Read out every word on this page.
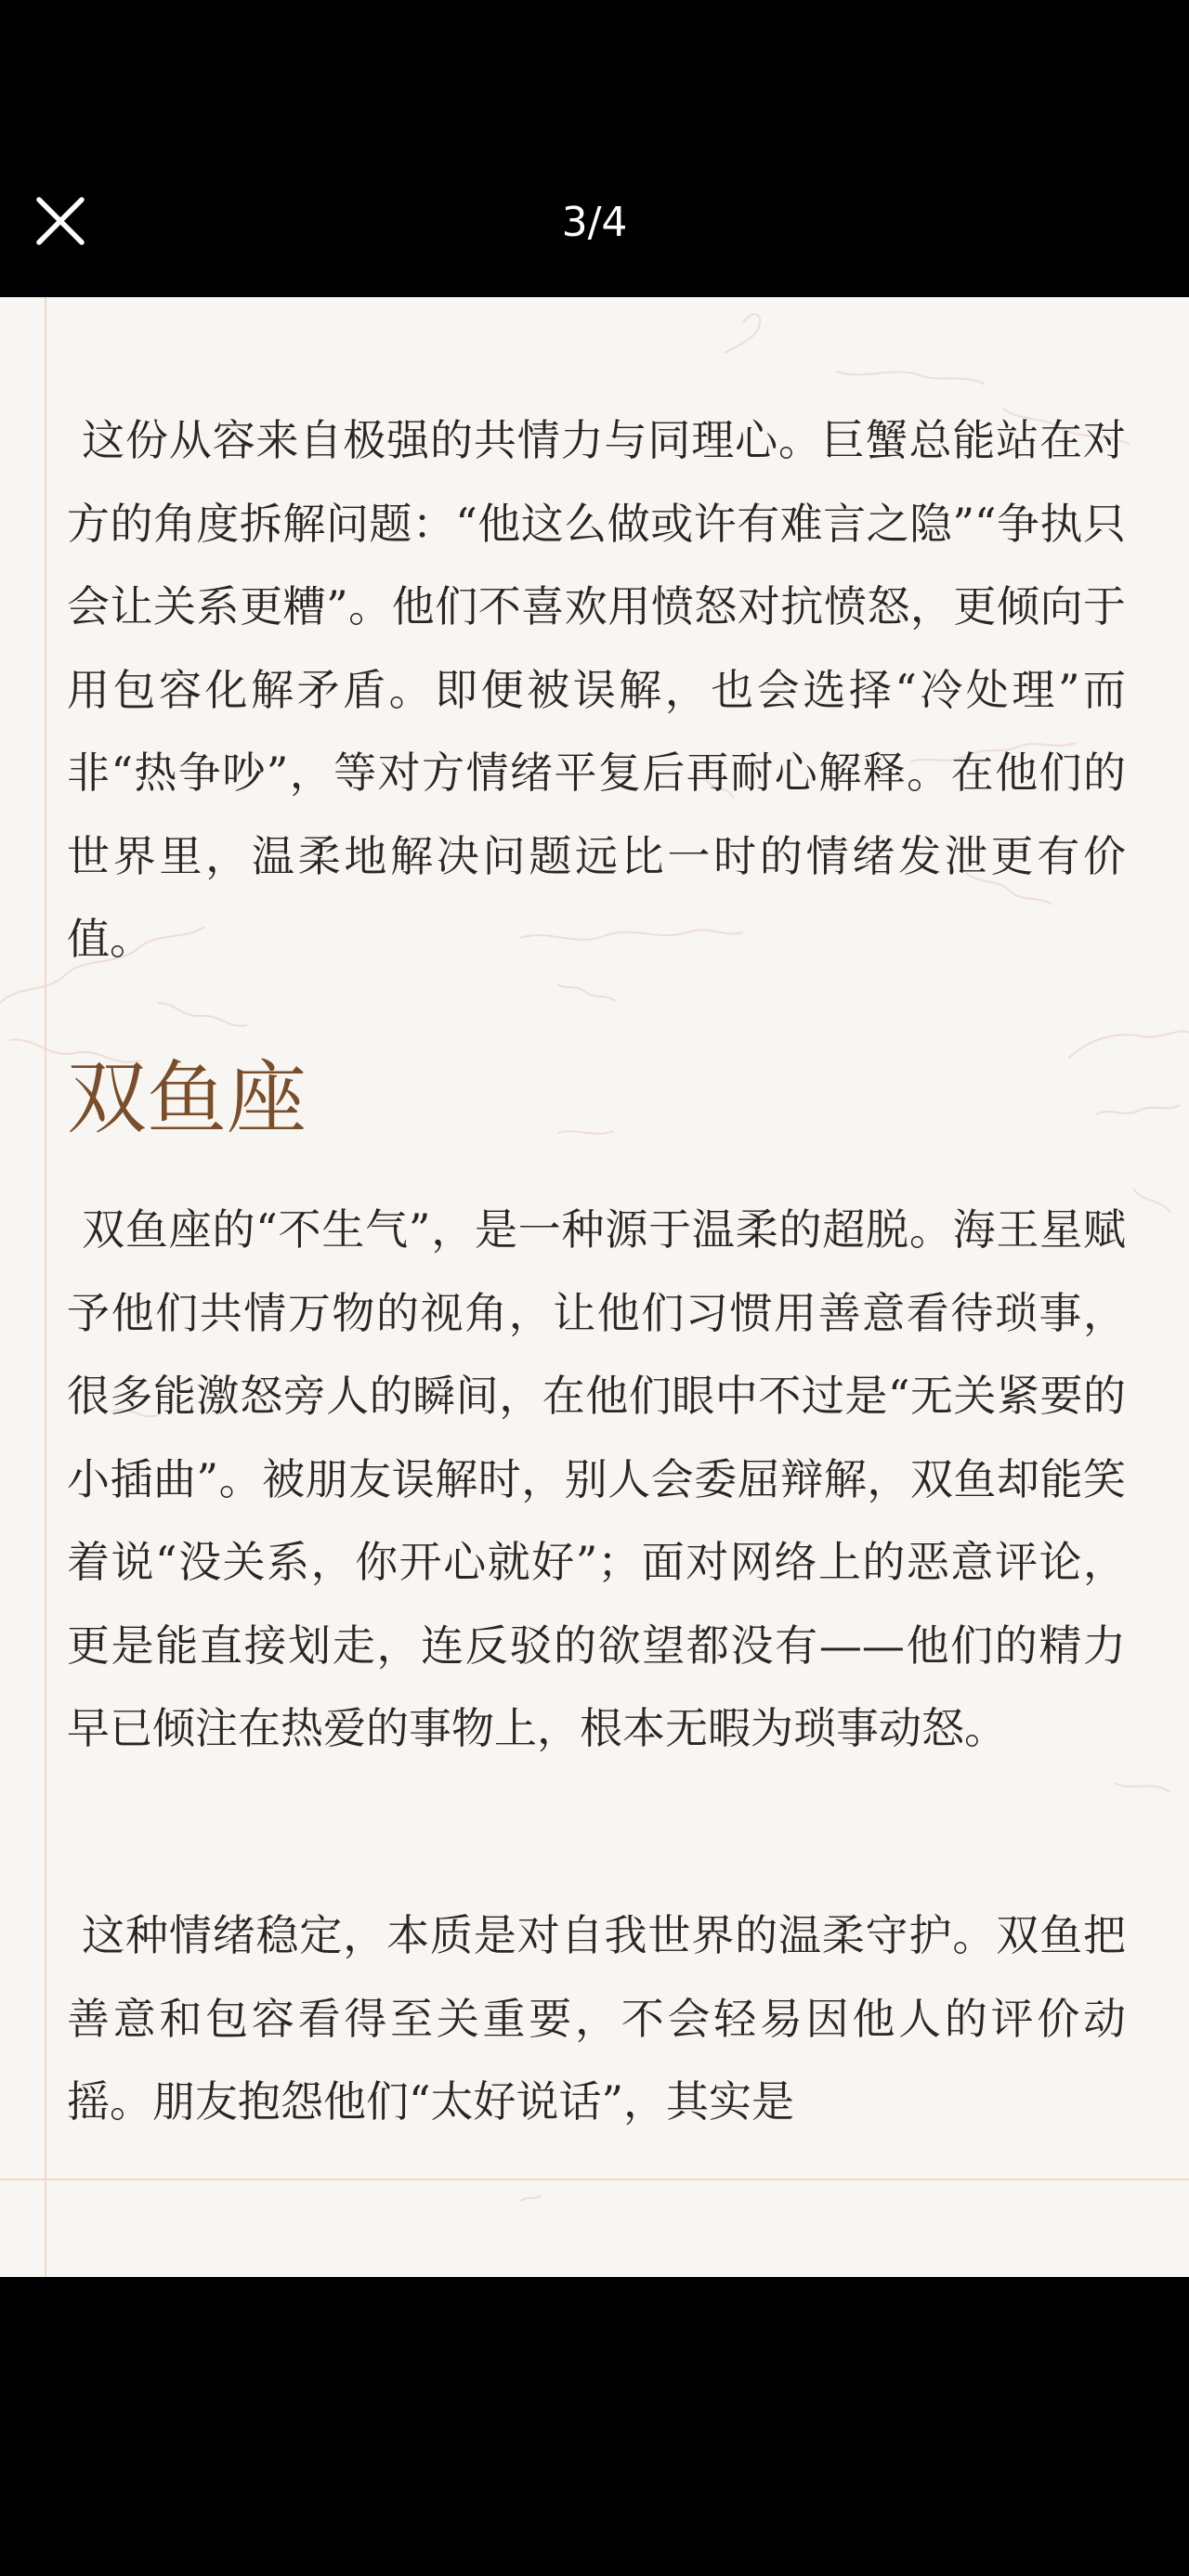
3/4

这份从容来自极强的共情力与同理心。巨蟹总能站在对方的角度拆解问题：“他这么做或许有难言之隐”“争执只会让关系更糟”。他们不喜欢用愤怒对抗愤怒，更倾向于用包容化解矛盾。即便被误解，也会选择“冷处理”而非“热争吵”，等对方情绪平复后再耐心解释。在他们的世界里，温柔地解决问题远比一时的情绪发泄更有价值。

双鱼座

双鱼座的“不生气”，是一种源于温柔的超脱。海王星赋予他们共情万物的视角，让他们习惯用善意看待琐事，很多能激怒旁人的瞬间，在他们眼中不过是“无关紧要的小插曲”。被朋友误解时，别人会委屈辩解，双鱼却能笑着说“没关系，你开心就好”；面对网络上的恶意评论，更是能直接划走，连反驳的欲望都没有——他们的精力早已倾注在热爱的事物上，根本无暇为琐事动怒。

这种情绪稳定，本质是对自我世界的温柔守护。双鱼把善意和包容看得至关重要，不会轻易因他人的评价动摇。朋友抱怨他们“太好说话”，其实是
